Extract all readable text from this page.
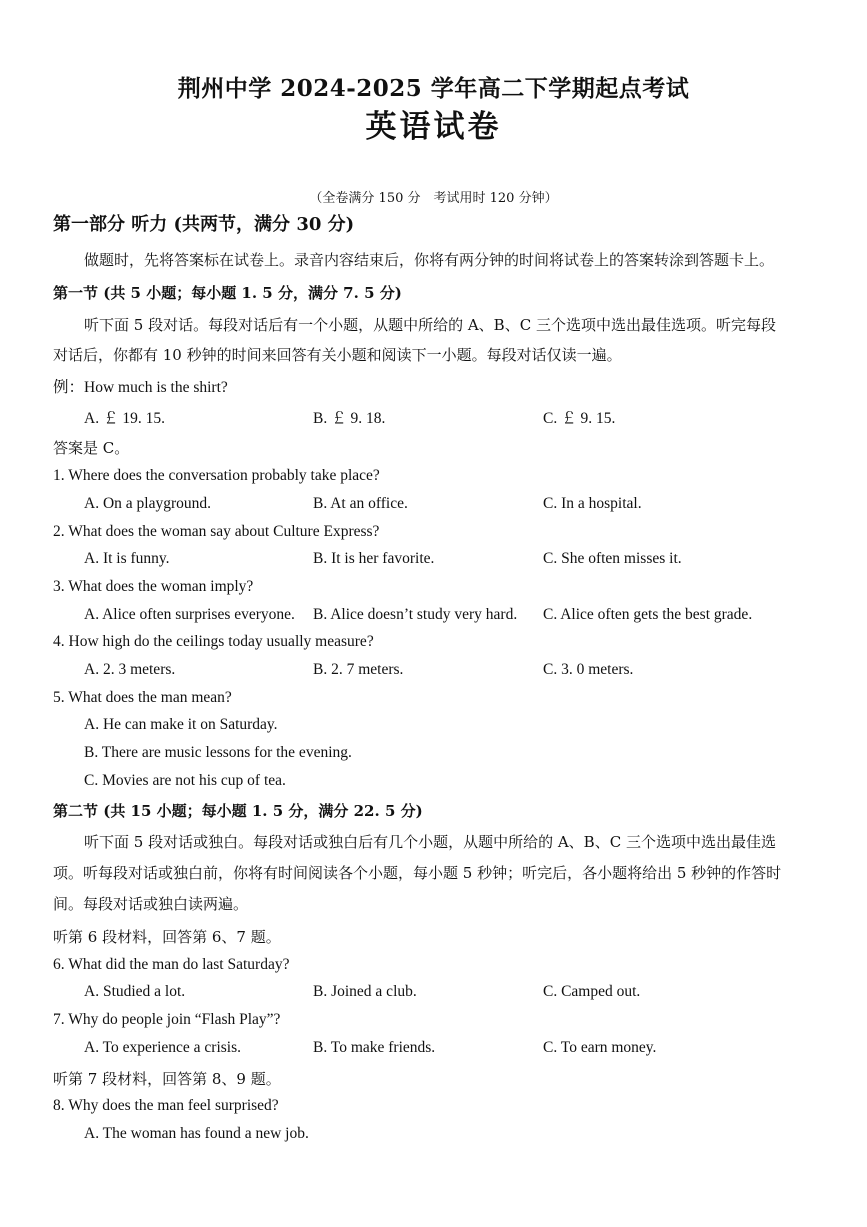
荆州中学 2024-2025 学年高二下学期起点考试
英语试卷
（全卷满分 150 分　考试用时 120 分钟）
第一部分 听力 (共两节，满分 30 分)
做题时，先将答案标在试卷上。录音内容结束后，你将有两分钟的时间将试卷上的答案转涂到答题卡上。
第一节 (共 5 小题；每小题 1. 5 分，满分 7. 5 分)
听下面 5 段对话。每段对话后有一个小题，从题中所给的 A、B、C 三个选项中选出最佳选项。听完每段
对话后，你都有 10 秒钟的时间来回答有关小题和阅读下一小题。每段对话仅读一遍。
例：How much is the shirt?
A. ￡ 19. 15.	B. ￡ 9. 18.	C. ￡ 9. 15.
答案是 C。
1. Where does the conversation probably take place?
A. On a playground.	B. At an office.	C. In a hospital.
2. What does the woman say about Culture Express?
A. It is funny.	B. It is her favorite.	C. She often misses it.
3. What does the woman imply?
A. Alice often surprises everyone. B. Alice doesn’t study very hard. C. Alice often gets the best grade.
4. How high do the ceilings today usually measure?
A. 2. 3 meters.	B. 2. 7 meters.	C. 3. 0 meters.
5. What does the man mean?
A. He can make it on Saturday.
B. There are music lessons for the evening.
C. Movies are not his cup of tea.
第二节 (共 15 小题；每小题 1. 5 分，满分 22. 5 分)
听下面 5 段对话或独白。每段对话或独白后有几个小题，从题中所给的 A、B、C 三个选项中选出最佳选
项。听每段对话或独白前，你将有时间阅读各个小题，每小题 5 秒钟；听完后，各小题将给出 5 秒钟的作答时
间。每段对话或独白读两遍。
听第 6 段材料，回答第 6、7 题。
6. What did the man do last Saturday?
A. Studied a lot.	B. Joined a club.	C. Camped out.
7. Why do people join “Flash Play”?
A. To experience a crisis.	B. To make friends.	C. To earn money.
听第 7 段材料，回答第 8、9 题。
8. Why does the man feel surprised?
A. The woman has found a new job.
